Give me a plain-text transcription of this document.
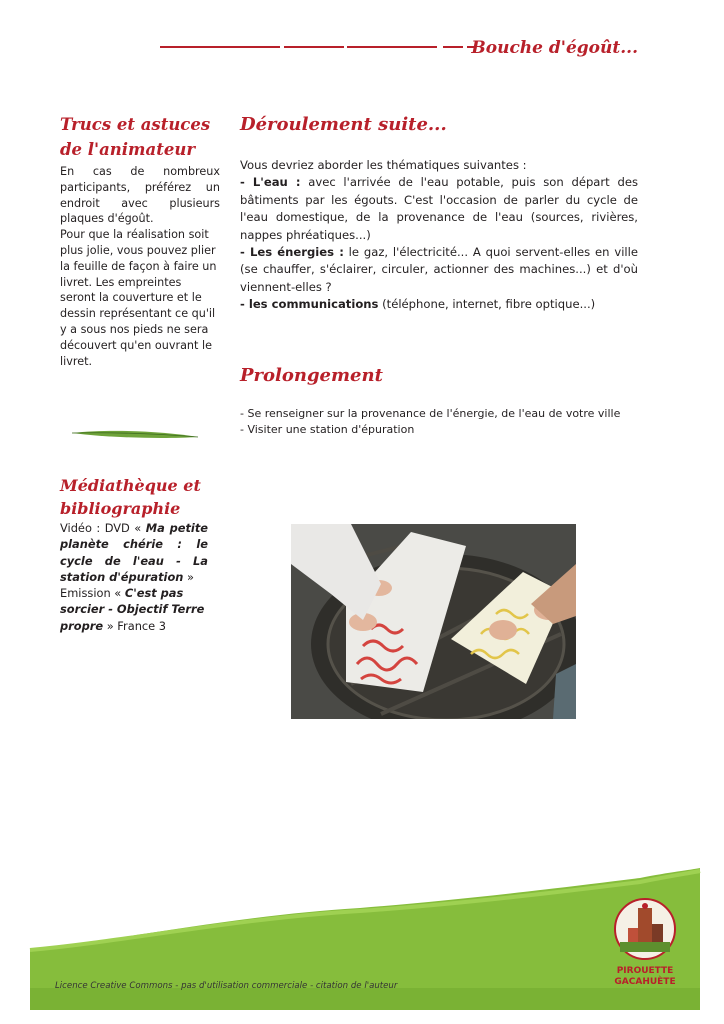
Bouche d'égoût...
Trucs et astuces
de l'animateur

En cas de nombreux participants, préférez un endroit avec plusieurs plaques d'égoût.

Pour que la réalisation soit plus jolie, vous pouvez plier la feuille de façon à faire un livret. Les empreintes seront la couverture et le dessin représentant ce qu'il y a sous nos pieds ne sera découvert qu'en ouvrant le livret.

Médiathèque et
bibliographie

Vidéo : DVD « Ma petite planète chérie : le cycle de l'eau - La station d'épuration »

Emission « C'est pas sorcier - Objectif Terre propre » France 3

Déroulement suite...

Vous devriez aborder les thématiques suivantes :

- L'eau : avec l'arrivée de l'eau potable, puis son départ des bâtiments par les égouts. C'est l'occasion de parler du cycle de l'eau domestique, de la provenance de l'eau (sources, rivières, nappes phréatiques...)

- Les énergies : le gaz, l'électricité... A quoi servent-elles en ville (se chauffer, s'éclairer, circuler, actionner des machines...) et d'où viennent-elles ?

- les communications (téléphone, internet, fibre optique...)

Prolongement

- Se renseigner sur la provenance de l'énergie, de l'eau de votre ville

- Visiter une station d'épuration

Licence Creative Commons - pas d'utilisation commerciale - citation de l'auteur
PIROUETTE
GACAHUÈTE
